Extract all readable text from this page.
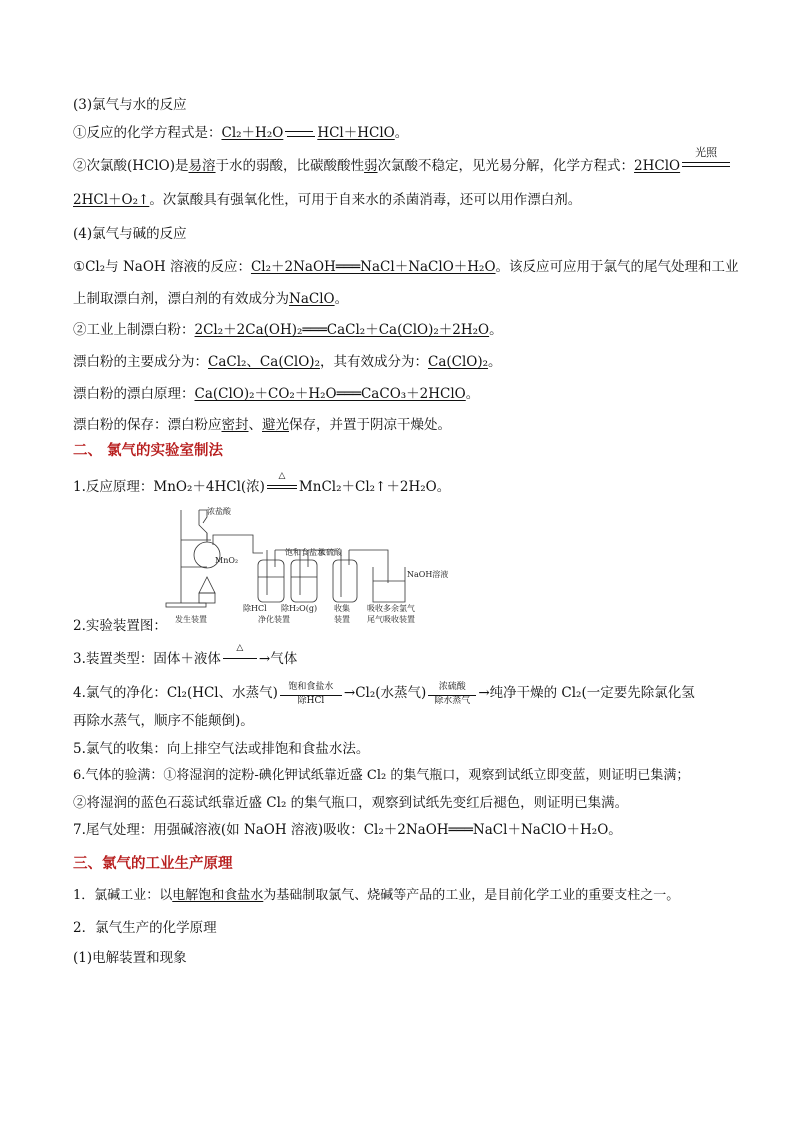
(3)氯气与水的反应
①反应的化学方程式是：Cl₂＋H₂O	HCl＋HClO。
②次氯酸(HClO)是易溶于水的弱酸，比碳酸酸性弱次氯酸不稳定，见光易分解，化学方程式：2HClO
光照
2HCl＋O₂↑。次氯酸具有强氧化性，可用于自来水的杀菌消毒，还可以用作漂白剂。
(4)氯气与碱的反应
①Cl₂与 NaOH 溶液的反应：Cl₂＋2NaOH═══NaCl＋NaClO＋H₂O。该反应可应用于氯气的尾气处理和工业
上制取漂白剂，漂白剂的有效成分为NaClO。
②工业上制漂白粉：2Cl₂＋2Ca(OH)₂═══CaCl₂＋Ca(ClO)₂＋2H₂O。
漂白粉的主要成分为：CaCl₂、Ca(ClO)₂，其有效成分为：Ca(ClO)₂。
漂白粉的漂白原理：Ca(ClO)₂＋CO₂＋H₂O═══CaCO₃＋2HClO。
漂白粉的保存：漂白粉应密封、避光保存，并置于阴凉干燥处。
二、 氯气的实验室制法
1.反应原理：MnO₂＋4HCl(浓)
△
MnCl₂＋Cl₂↑＋2H₂O。
浓盐酸
MnO₂
饱和食盐水
浓硫酸
NaOH溶液
除HCl 除H₂O(g) 收集
装置
吸收多余氯气
发生装置	净化装置	尾气吸收装置
2.实验装置图：
3.装置类型：固体＋液体
△
→气体
4.氯气的净化：Cl₂(HCl、水蒸气)	饱和食盐水
除HCl	→Cl₂(水蒸气)	浓硫酸
除水蒸气 →纯净干燥的 Cl₂(一定要先除氯化氢
再除水蒸气，顺序不能颠倒)。
5.氯气的收集：向上排空气法或排饱和食盐水法。
6.气体的验满：①将湿润的淀粉-碘化钾试纸靠近盛 Cl₂ 的集气瓶口，观察到试纸立即变蓝，则证明已集满；
②将湿润的蓝色石蕊试纸靠近盛 Cl₂ 的集气瓶口，观察到试纸先变红后褪色，则证明已集满。
7.尾气处理：用强碱溶液(如 NaOH 溶液)吸收：Cl₂＋2NaOH═══NaCl＋NaClO＋H₂O。
三、氯气的工业生产原理
1．氯碱工业：以电解饱和食盐水为基础制取氯气、烧碱等产品的工业，是目前化学工业的重要支柱之一。
2．氯气生产的化学原理
(1)电解装置和现象
